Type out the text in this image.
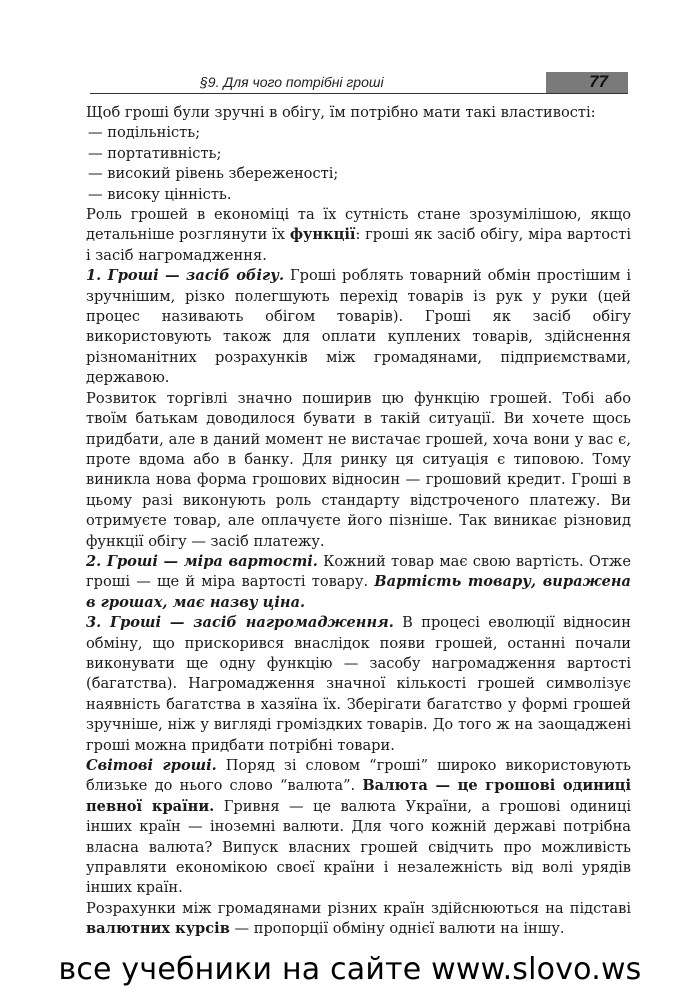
§9. Для чого потрібні гроші	77

Щоб гроші були зручні в обігу, їм потрібно мати такі властивості:

— подільність;
— портативність;
— високий рівень збереженості;
— високу цінність.

Роль грошей в економіці та їх сутність стане зрозумілішою, якщо детальніше розглянути їх функції: гроші як засіб обігу, міра вартості і засіб нагромадження.

1. Гроші — засіб обігу. Гроші роблять товарний обмін простішим і зручнішим, різко полегшують перехід товарів із рук у руки (цей процес називають обігом товарів). Гроші як засіб обігу використовують також для оплати куплених товарів, здійснення різноманітних розрахунків між громадянами, підприємствами, державою.

Розвиток торгівлі значно поширив цю функцію грошей. Тобі або твоїм батькам доводилося бувати в такій ситуації. Ви хочете щось придбати, але в даний момент не вистачає грошей, хоча вони у вас є, проте вдома або в банку. Для ринку ця ситуація є типовою. Тому виникла нова форма грошових відносин — грошовий кредит. Гроші в цьому разі виконують роль стандарту відстроченого платежу. Ви отримуєте товар, але оплачуєте його пізніше. Так виникає різновид функції обігу — засіб платежу.

2. Гроші — міра вартості. Кожний товар має свою вартість. Отже гроші — ще й міра вартості товару. Вартість товару, виражена в грошах, має назву ціна.

3. Гроші — засіб нагромадження. В процесі еволюції відносин обміну, що прискорився внаслідок появи грошей, останні почали виконувати ще одну функцію — засобу нагромадження вартості (багатства). Нагромадження значної кількості грошей символізує наявність багатства в хазяїна їх. Зберігати багатство у формі грошей зручніше, ніж у вигляді громіздких товарів. До того ж на заощаджені гроші можна придбати потрібні товари.

Світові гроші. Поряд зі словом “гроші” широко використовують близьке до нього слово “валюта”. Валюта — це грошові одиниці певної країни. Гривня — це валюта України, а грошові одиниці інших країн — іноземні валюти. Для чого кожній державі потрібна власна валюта? Випуск власних грошей свідчить про можливість управляти економікою своєї країни і незалежність від волі урядів інших країн.

Розрахунки між громадянами різних країн здійснюються на підставі валютних курсів — пропорції обміну однієї валюти на іншу.

все учебники на сайте www.slovo.ws
